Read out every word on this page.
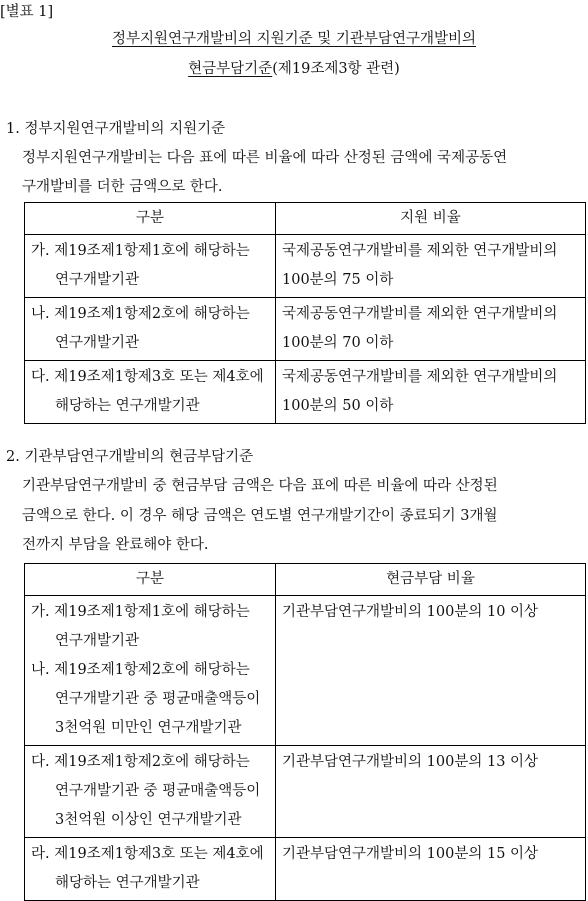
[별표 1]
정부지원연구개발비의 지원기준 및 기관부담연구개발비의
현금부담기준(제19조제3항 관련)
1. 정부지원연구개발비의 지원기준
정부지원연구개발비는 다음 표에 따른 비율에 따라 산정된 금액에 국제공동연
구개발비를 더한 금액으로 한다.
구분	지원 비율

가. 제19조제1항제1호에 해당하는
연구개발기관	국제공동연구개발비를 제외한 연구개발비의
100분의 75 이하

나. 제19조제1항제2호에 해당하는
연구개발기관	국제공동연구개발비를 제외한 연구개발비의
100분의 70 이하

다. 제19조제1항제3호 또는 제4호에
해당하는 연구개발기관	국제공동연구개발비를 제외한 연구개발비의
100분의 50 이하
2. 기관부담연구개발비의 현금부담기준
기관부담연구개발비 중 현금부담 금액은 다음 표에 따른 비율에 따라 산정된
금액으로 한다. 이 경우 해당 금액은 연도별 연구개발기간이 종료되기 3개월
전까지 부담을 완료해야 한다.
구분	현금부담 비율

가. 제19조제1항제1호에 해당하는
연구개발기관
나. 제19조제1항제2호에 해당하는
연구개발기관 중 평균매출액등이
3천억원 미만인 연구개발기관	기관부담연구개발비의 100분의 10 이상

다. 제19조제1항제2호에 해당하는
연구개발기관 중 평균매출액등이
3천억원 이상인 연구개발기관	기관부담연구개발비의 100분의 13 이상

라. 제19조제1항제3호 또는 제4호에
해당하는 연구개발기관	기관부담연구개발비의 100분의 15 이상
